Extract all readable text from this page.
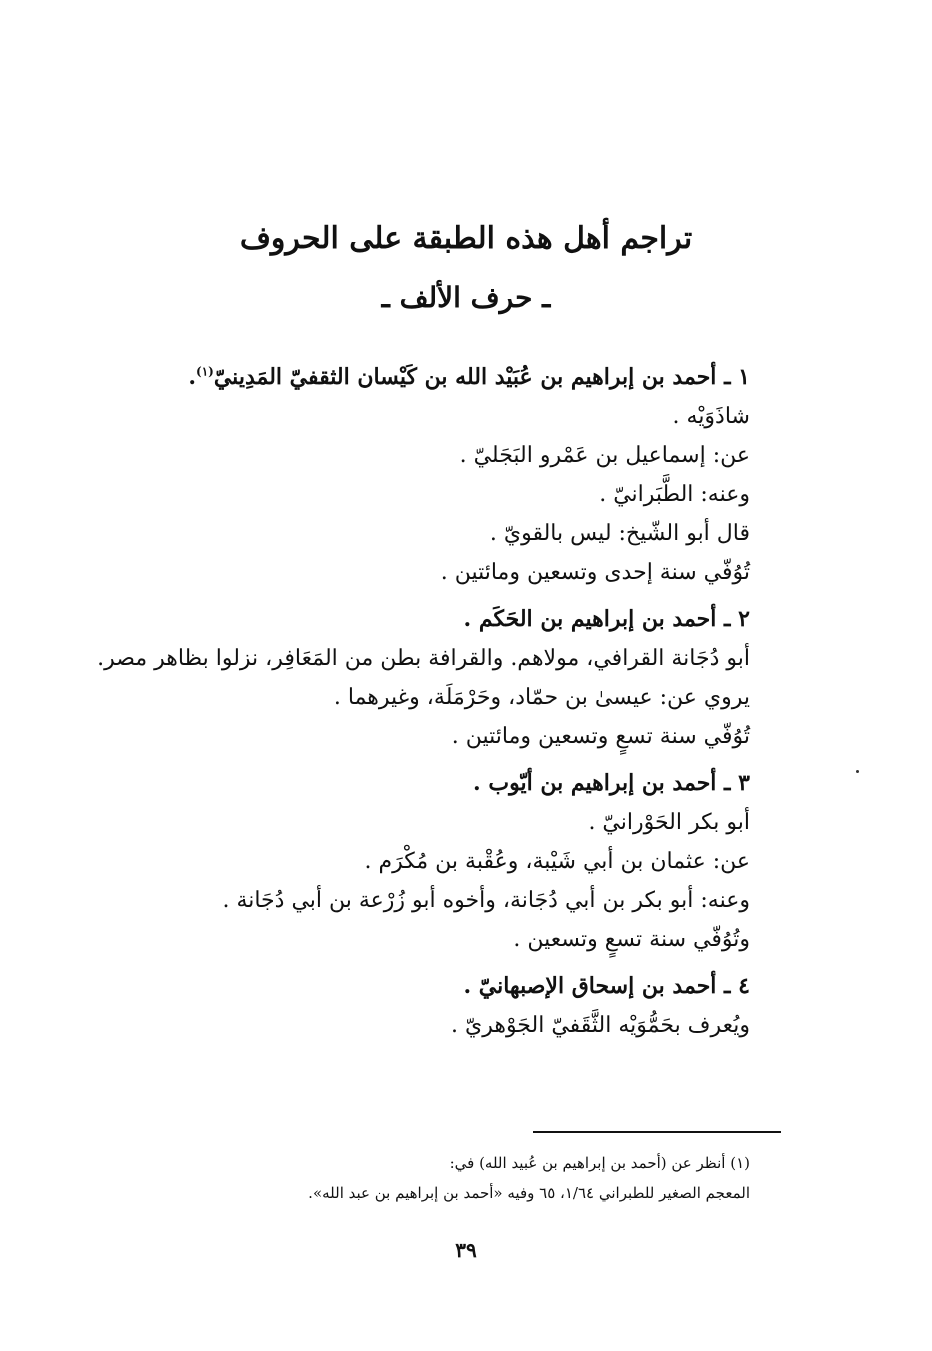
تراجم أهل هذه الطبقة على الحروف
ـ حرف الألف ـ
١ ـ أحمد بن إبراهيم بن عُبَيْد الله بن كَيْسان الثقفيّ المَدِينيّ$^{(١)}$.
شاذَوَيْه .
عن: إسماعيل بن عَمْرو البَجَليّ .
وعنه: الطَّبَرانيّ .
قال أبو الشّيخ: ليس بالقويّ .
تُوُفّي سنة إحدى وتسعين ومائتين .
٢ ـ أحمد بن إبراهيم بن الحَكَم .
أبو دُجَانة القرافي، مولاهم. والقرافة بطن من المَعَافِر، نزلوا بظاهر مصر.
يروي عن: عيسىٰ بن حمّاد، وحَرْمَلَة، وغيرهما .
تُوُفّي سنة تسعٍ وتسعين ومائتين .
٣ ـ أحمد بن إبراهيم بن أيّوب .
أبو بكر الحَوْرانيّ .
عن: عثمان بن أبي شَيْبة، وعُقْبة بن مُكْرَم .
وعنه: أبو بكر بن أبي دُجَانة، وأخوه أبو زُرْعة بن أبي دُجَانة .
وتُوُفّي سنة تسعٍ وتسعين .
٤ ـ أحمد بن إسحاق الإصبهانيّ .
ويُعرف بحَمُّوَيْه الثَّقَفيّ الجَوْهريّ .
(١) أنظر عن (أحمد بن إبراهيم بن عُبيد الله) في:
المعجم الصغير للطبراني ١/٦٤، ٦٥ وفيه «أحمد بن إبراهيم بن عبد الله».
٣٩
